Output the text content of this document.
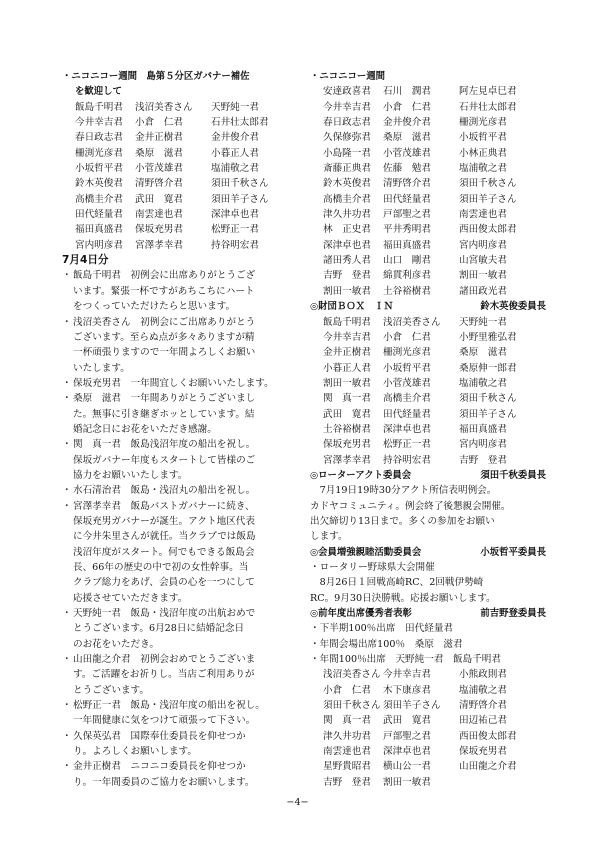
・ニコニコー週間　島第５分区ガバナー補佐
を歓迎して
飯島千明君 浅沼美香さん 天野純一君
今井幸吉君 小倉　仁君	石井壮太郎君
春日政志君 金井正樹君	金井俊介君
柵渕光彦君 桑原　滋君	小暮正人君
小坂哲平君 小菅茂雄君	塩浦敬之君
鈴木英俊君 清野啓介君	須田千秋さん
高橋圭介君 武田　寛君	須田羊子さん
田代経量君 南雲達也君	深津卓也君
福田真盛君 保坂充男君	松野正一君
宮内明彦君 宮澤孝幸君	持谷明宏君
7月4日分
・ 飯島千明君　初例会に出席ありがとうござ
います。緊張一杯ですがあちこちにハート
をつくっていただけたらと思います。
・ 浅沼美香さん　初例会にご出席ありがとう
ございます。至らぬ点が多々ありますが精
一杯頑張りますので一年間よろしくお願い
いたします。
・ 保坂充男君　一年間宜しくお願いいたします。
・ 桑原　滋君　一年間ありがとうございまし
た。無事に引き継ぎホッとしています。結
婚記念日にお花をいただき感謝。
・ 関　真一君　飯島浅沼年度の船出を祝し。
保坂ガバナー年度もスタートして皆様のご
協力をお願いいたします。
・ 水石清治君　飯島・浅沼丸の船出を祝し。
・ 宮澤孝幸君　飯島バストガバナーに続き、
保坂充男ガバナーが誕生。アクト地区代表
に今井朱里さんが就任。当クラブでは飯島
浅沼年度がスタート。何でもできる飯島会
長、66年の歴史の中で初の女性幹事。当
クラブ総力をあげ、会員の心を一つにして
応援させていただきます。
・ 天野純一君　飯島・浅沼年度の出航おめで
とうございます。6月28日に結婚記念日
のお花をいただき。
・ 山田龍之介君　初例会おめでとうございま
す。ご活躍をお祈りし。当店ご利用ありが
とうございます。
・ 松野正一君　飯島・浅沼年度の船出を祝し。
一年間健康に気をつけて頑張って下さい。
・ 久保英弘君　国際奉仕委員長を仰せつか
り。よろしくお願いします。
・ 金井正樹君　ニコニコ委員長を仰せつか
り。一年間委員のご協力をお願いします。
・ニコニコー週間
安達政喜君 石川　潤君	阿左見卓巳君
今井幸吉君 小倉　仁君	石井壮太郎君
春日政志君 金井俊介君	柵渕光彦君
久保修弥君 桑原　滋君	小坂哲平君
小島隆一君 小菅茂雄君	小林正典君
斎藤正典君 佐藤　勉君	塩浦敬之君
鈴木英俊君 清野啓介君	須田千秋さん
高橋圭介君 田代経量君	須田羊子さん
津久井功君 戸部聖之君	南雲達也君
林　正史君 平井秀明君	西田俊太郎君
深津卓也君 福田真盛君	宮内明彦君
諸田秀人君 山口　剛君	山宮敏夫君
吉野　登君 綿貫利彦君	割田一敏君
割田一敏君 土谷裕樹君	諸田政光君
◎財団ＢＯＸ　ＩＮ	鈴木英俊委員長
飯島千明君 浅沼美香さん 天野純一君
今井幸吉君 小倉　仁君	小野里雅弘君
金井正樹君 柵渕光彦君	桑原　滋君
小暮正人君 小坂哲平君	桑原伸一郎君
割田一敏君 小菅茂雄君	塩浦敬之君
関　真一君 高橋圭介君	須田千秋さん
武田　寛君 田代経量君	須田羊子さん
土谷裕樹君 深津卓也君	福田真盛君
保坂充男君 松野正一君	宮内明彦君
宮澤孝幸君 持谷明宏君	吉野　登君
◎ローターアクト委員会	須田千秋委員長
　7月19日19時30分アクト所信表明例会。
カドヤコミュニティ。例会終了後懇親会開催。
出欠締切り13日まで。多くの参加をお願い
します。
◎会員増強親睦活動委員会	小坂哲平委員長
・ロータリー野球県大会開催
　8月26日１回戦高崎RC、2回戦伊勢崎
RC。9月30日決勝戦。応援お願いします。
◎前年度出席優秀者表彰	前吉野登委員長
・下半期100％出席　田代経量君
・年間会場出席100％　桑原　滋君
・年間100％出席　天野純一君　飯島千明君
浅沼美香さん 今井幸吉君	小熊政則君
小倉　仁君 木下康彦君	塩浦敬之君
須田千秋さん 須田羊子さん 清野啓介君
関　真一君 武田　寛君	田辺祐己君
津久井功君 戸部聖之君	西田俊太郎君
南雲達也君 深津卓也君	保坂充男君
星野貴昭君 横山公一君	山田龍之介君
吉野　登君 割田一敏君
−4−
